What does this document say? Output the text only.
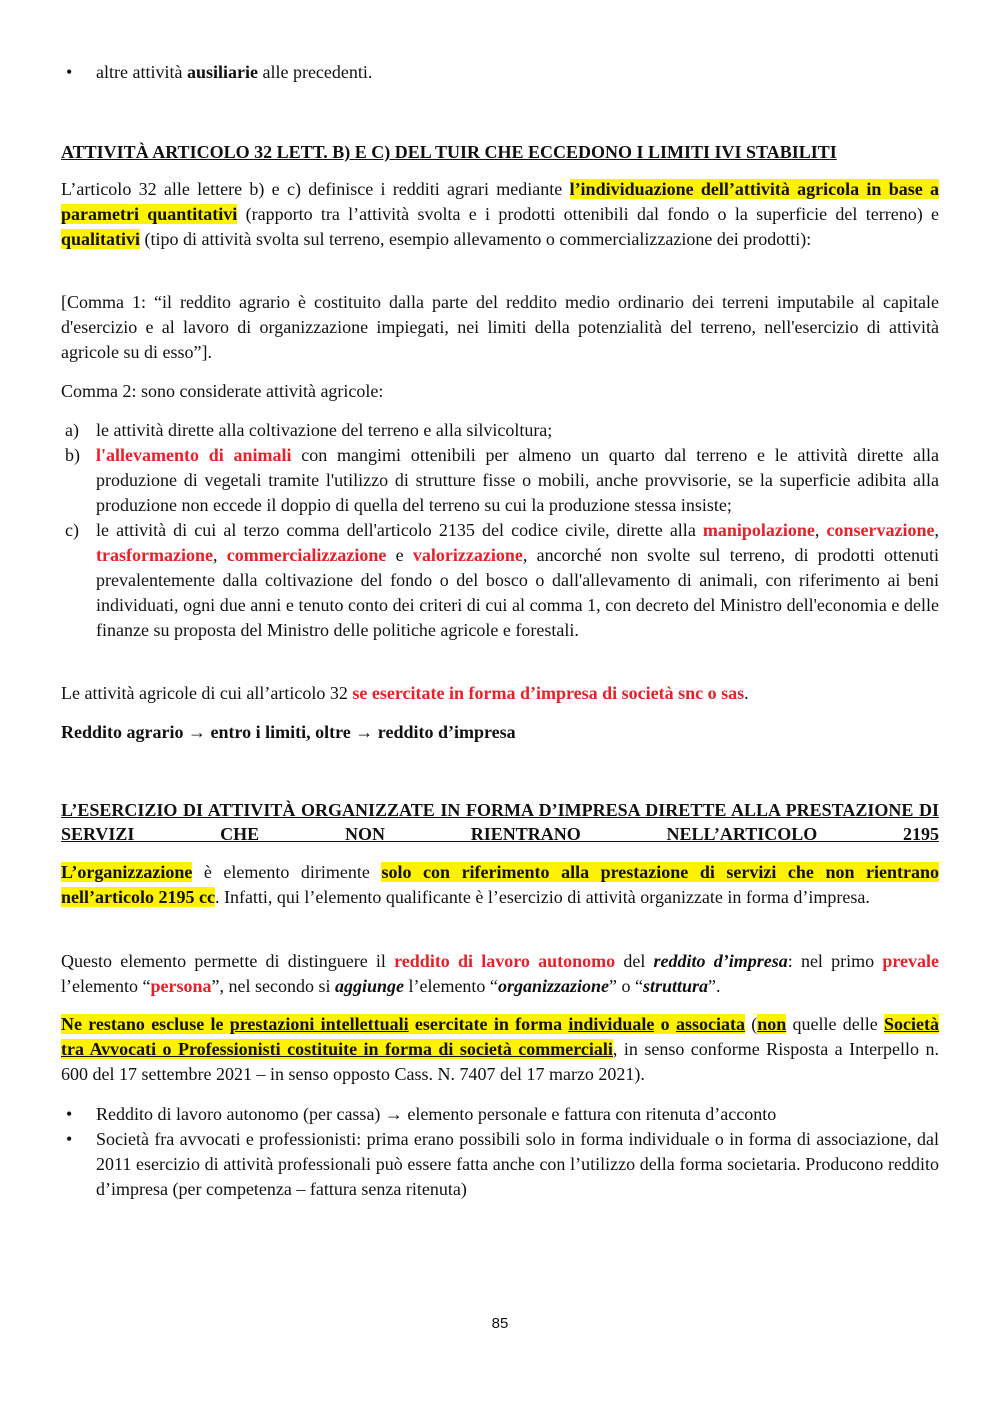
• altre attività ausiliarie alle precedenti.
ATTIVITÀ ARTICOLO 32 LETT. B) E C) DEL TUIR CHE ECCEDONO I LIMITI IVI STABILITI

L’articolo 32 alle lettere b) e c) definisce i redditi agrari mediante l’individuazione dell’attività agricola in base a parametri quantitativi (rapporto tra l’attività svolta e i prodotti ottenibili dal fondo o la superficie del terreno) e qualitativi (tipo di attività svolta sul terreno, esempio allevamento o commercializzazione dei prodotti):

[Comma 1: “il reddito agrario è costituito dalla parte del reddito medio ordinario dei terreni imputabile al capitale d'esercizio e al lavoro di organizzazione impiegati, nei limiti della potenzialità del terreno, nell'esercizio di attività agricole su di esso”].

Comma 2: sono considerate attività agricole:

a) le attività dirette alla coltivazione del terreno e alla silvicoltura;
b) l'allevamento di animali con mangimi ottenibili per almeno un quarto dal terreno e le attività dirette alla produzione di vegetali tramite l'utilizzo di strutture fisse o mobili, anche provvisorie, se la superficie adibita alla produzione non eccede il doppio di quella del terreno su cui la produzione stessa insiste;
c) le attività di cui al terzo comma dell'articolo 2135 del codice civile, dirette alla manipolazione, conservazione, trasformazione, commercializzazione e valorizzazione, ancorché non svolte sul terreno, di prodotti ottenuti prevalentemente dalla coltivazione del fondo o del bosco o dall'allevamento di animali, con riferimento ai beni individuati, ogni due anni e tenuto conto dei criteri di cui al comma 1, con decreto del Ministro dell'economia e delle finanze su proposta del Ministro delle politiche agricole e forestali.

Le attività agricole di cui all’articolo 32 se esercitate in forma d’impresa di società snc o sas.

Reddito agrario → entro i limiti, oltre → reddito d’impresa

L’ESERCIZIO DI ATTIVITÀ ORGANIZZATE IN FORMA D’IMPRESA DIRETTE ALLA PRESTAZIONE DI SERVIZI CHE NON RIENTRANO NELL’ARTICOLO 2195

L’organizzazione è elemento dirimente solo con riferimento alla prestazione di servizi che non rientrano nell’articolo 2195 cc. Infatti, qui l’elemento qualificante è l’esercizio di attività organizzate in forma d’impresa.

Questo elemento permette di distinguere il reddito di lavoro autonomo del reddito d’impresa: nel primo prevale l’elemento “persona”, nel secondo si aggiunge l’elemento “organizzazione” o “struttura”.

Ne restano escluse le prestazioni intellettuali esercitate in forma individuale o associata (non quelle delle Società tra Avvocati o Professionisti costituite in forma di società commerciali, in senso conforme Risposta a Interpello n. 600 del 17 settembre 2021 – in senso opposto Cass. N. 7407 del 17 marzo 2021).

• Reddito di lavoro autonomo (per cassa) → elemento personale e fattura con ritenuta d’acconto
• Società fra avvocati e professionisti: prima erano possibili solo in forma individuale o in forma di associazione, dal 2011 esercizio di attività professionali può essere fatta anche con l’utilizzo della forma societaria. Producono reddito d’impresa (per competenza – fattura senza ritenuta)
85
